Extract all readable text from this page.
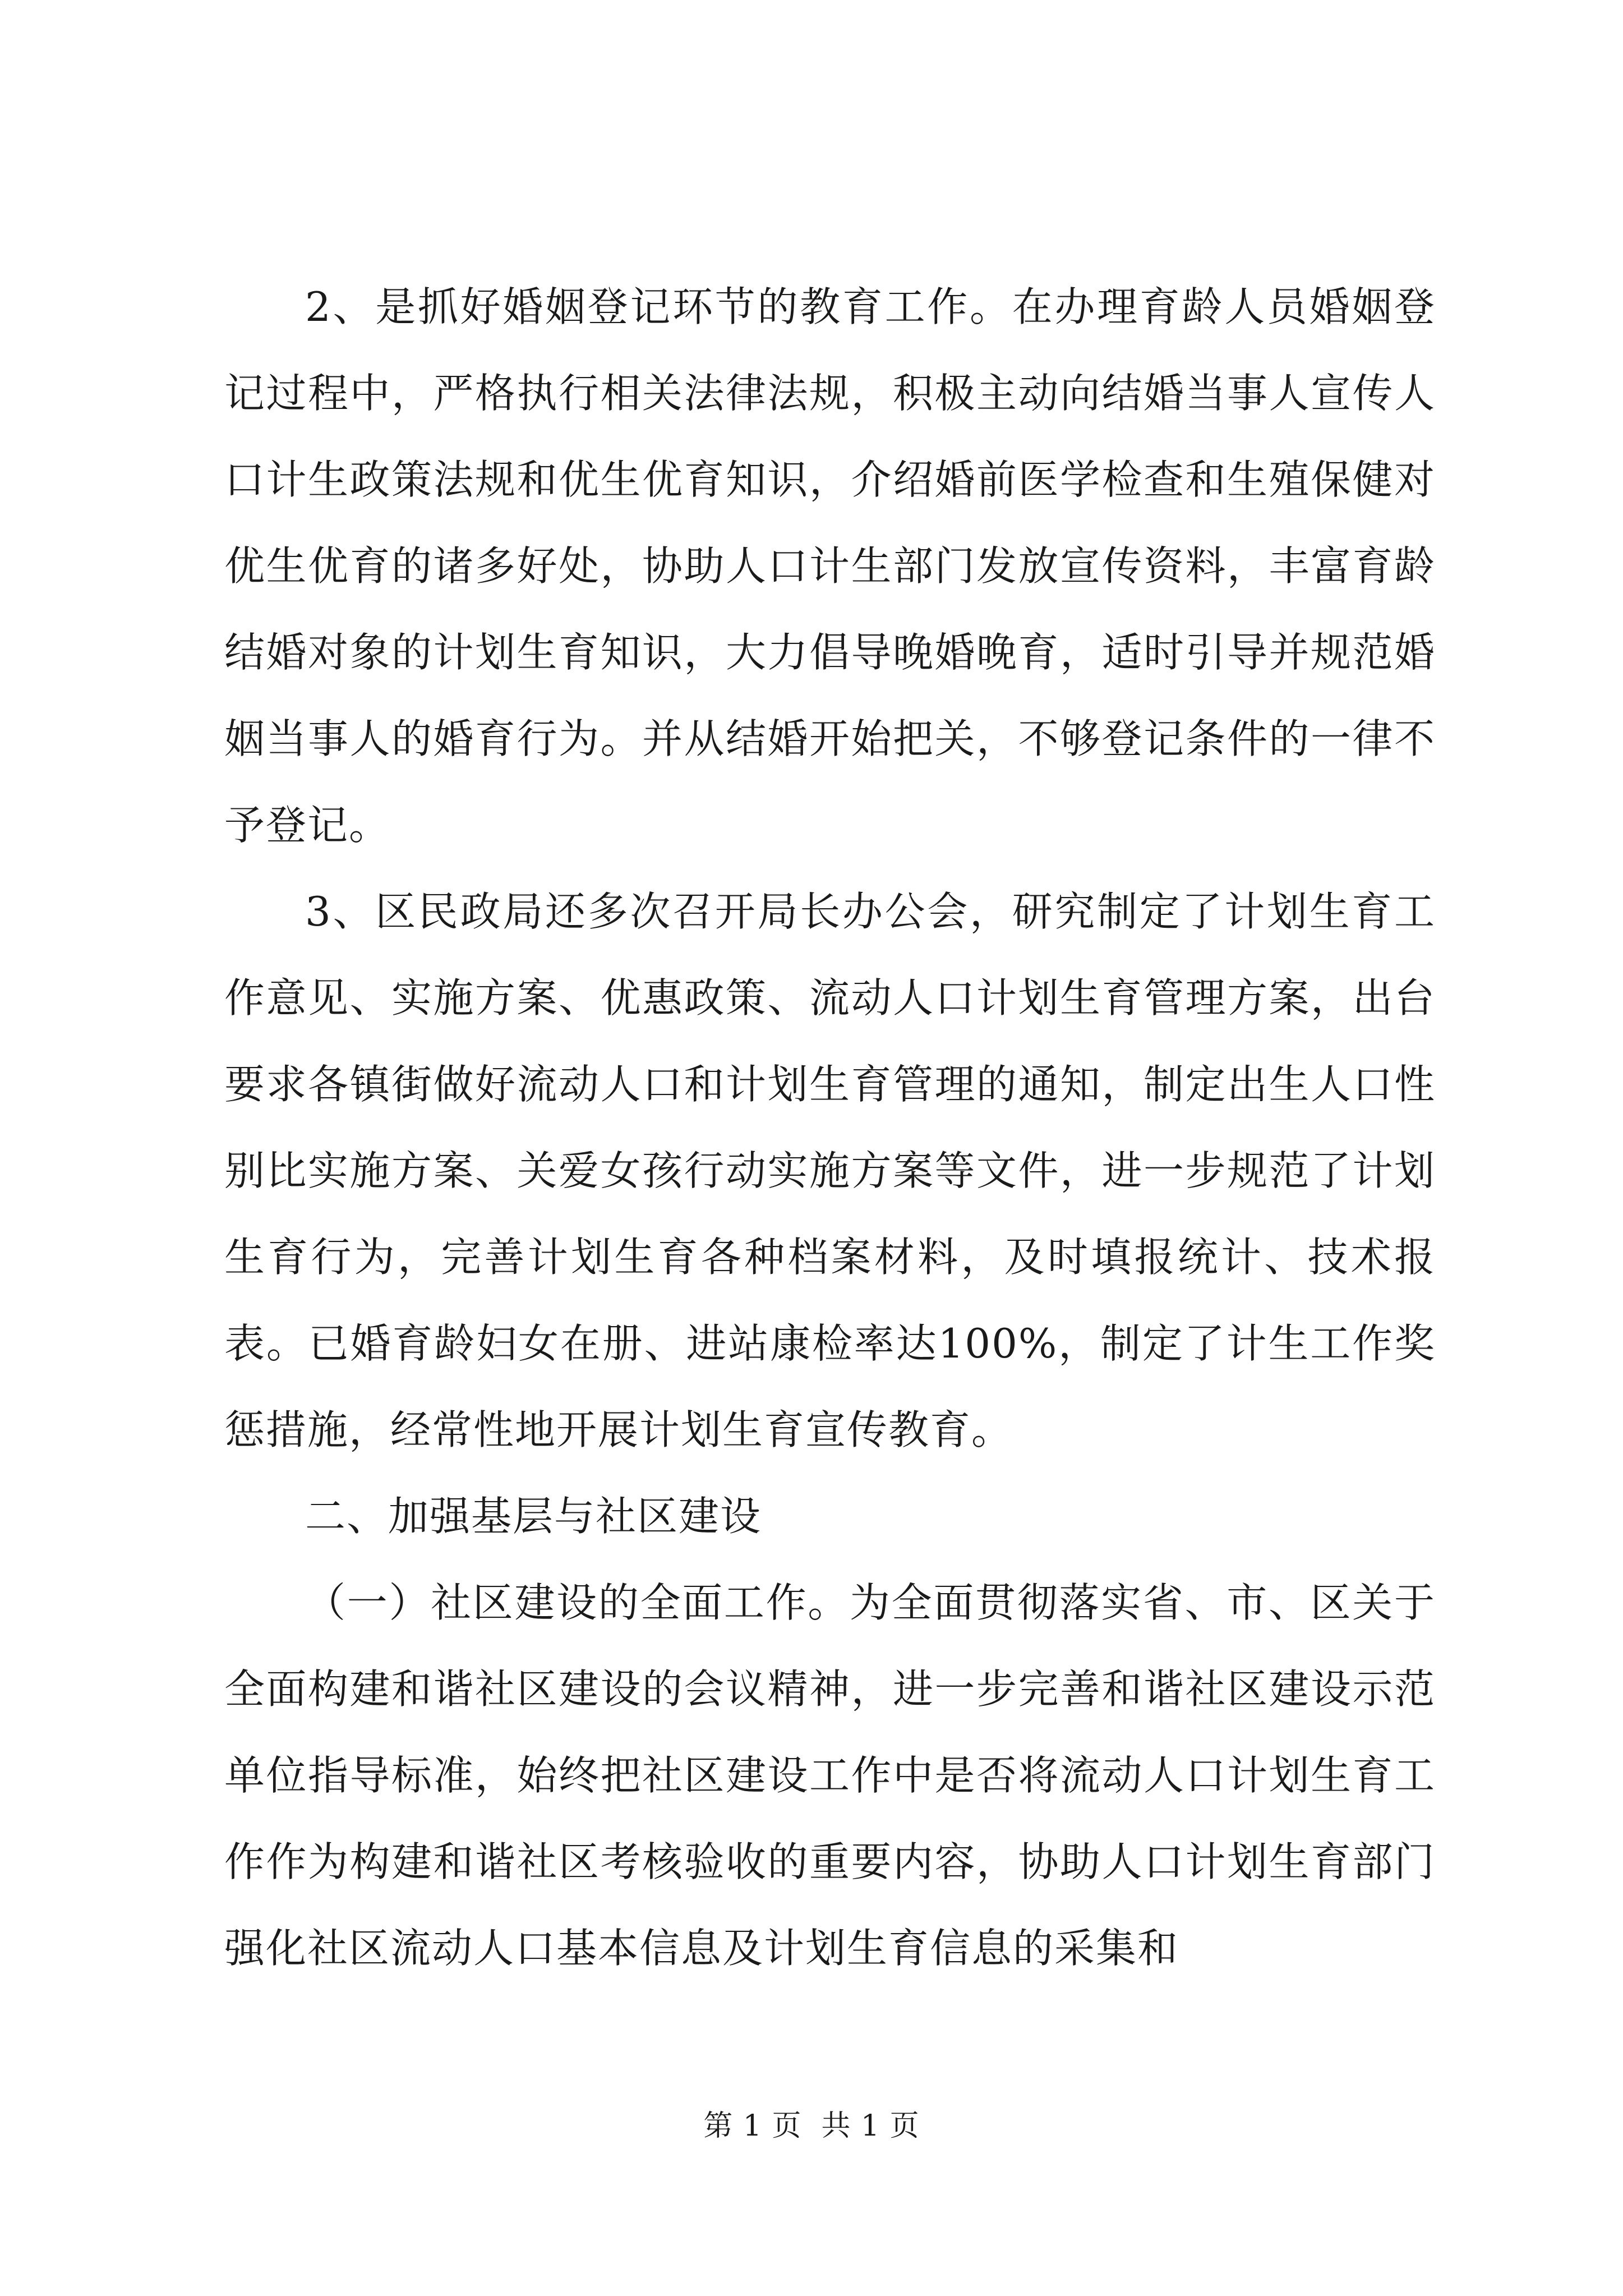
2、是抓好婚姻登记环节的教育工作。在办理育龄人员婚姻登记过程中，严格执行相关法律法规，积极主动向结婚当事人宣传人口计生政策法规和优生优育知识，介绍婚前医学检查和生殖保健对优生优育的诸多好处，协助人口计生部门发放宣传资料，丰富育龄结婚对象的计划生育知识，大力倡导晚婚晚育，适时引导并规范婚姻当事人的婚育行为。并从结婚开始把关，不够登记条件的一律不予登记。

3、区民政局还多次召开局长办公会，研究制定了计划生育工作意见、实施方案、优惠政策、流动人口计划生育管理方案，出台要求各镇街做好流动人口和计划生育管理的通知，制定出生人口性别比实施方案、关爱女孩行动实施方案等文件，进一步规范了计划生育行为，完善计划生育各种档案材料，及时填报统计、技术报表。已婚育龄妇女在册、进站康检率达100%，制定了计生工作奖惩措施，经常性地开展计划生育宣传教育。

二、加强基层与社区建设

（一）社区建设的全面工作。为全面贯彻落实省、市、区关于全面构建和谐社区建设的会议精神，进一步完善和谐社区建设示范单位指导标准，始终把社区建设工作中是否将流动人口计划生育工作作为构建和谐社区考核验收的重要内容，协助人口计划生育部门强化社区流动人口基本信息及计划生育信息的采集和

第 1 页  共 1 页
